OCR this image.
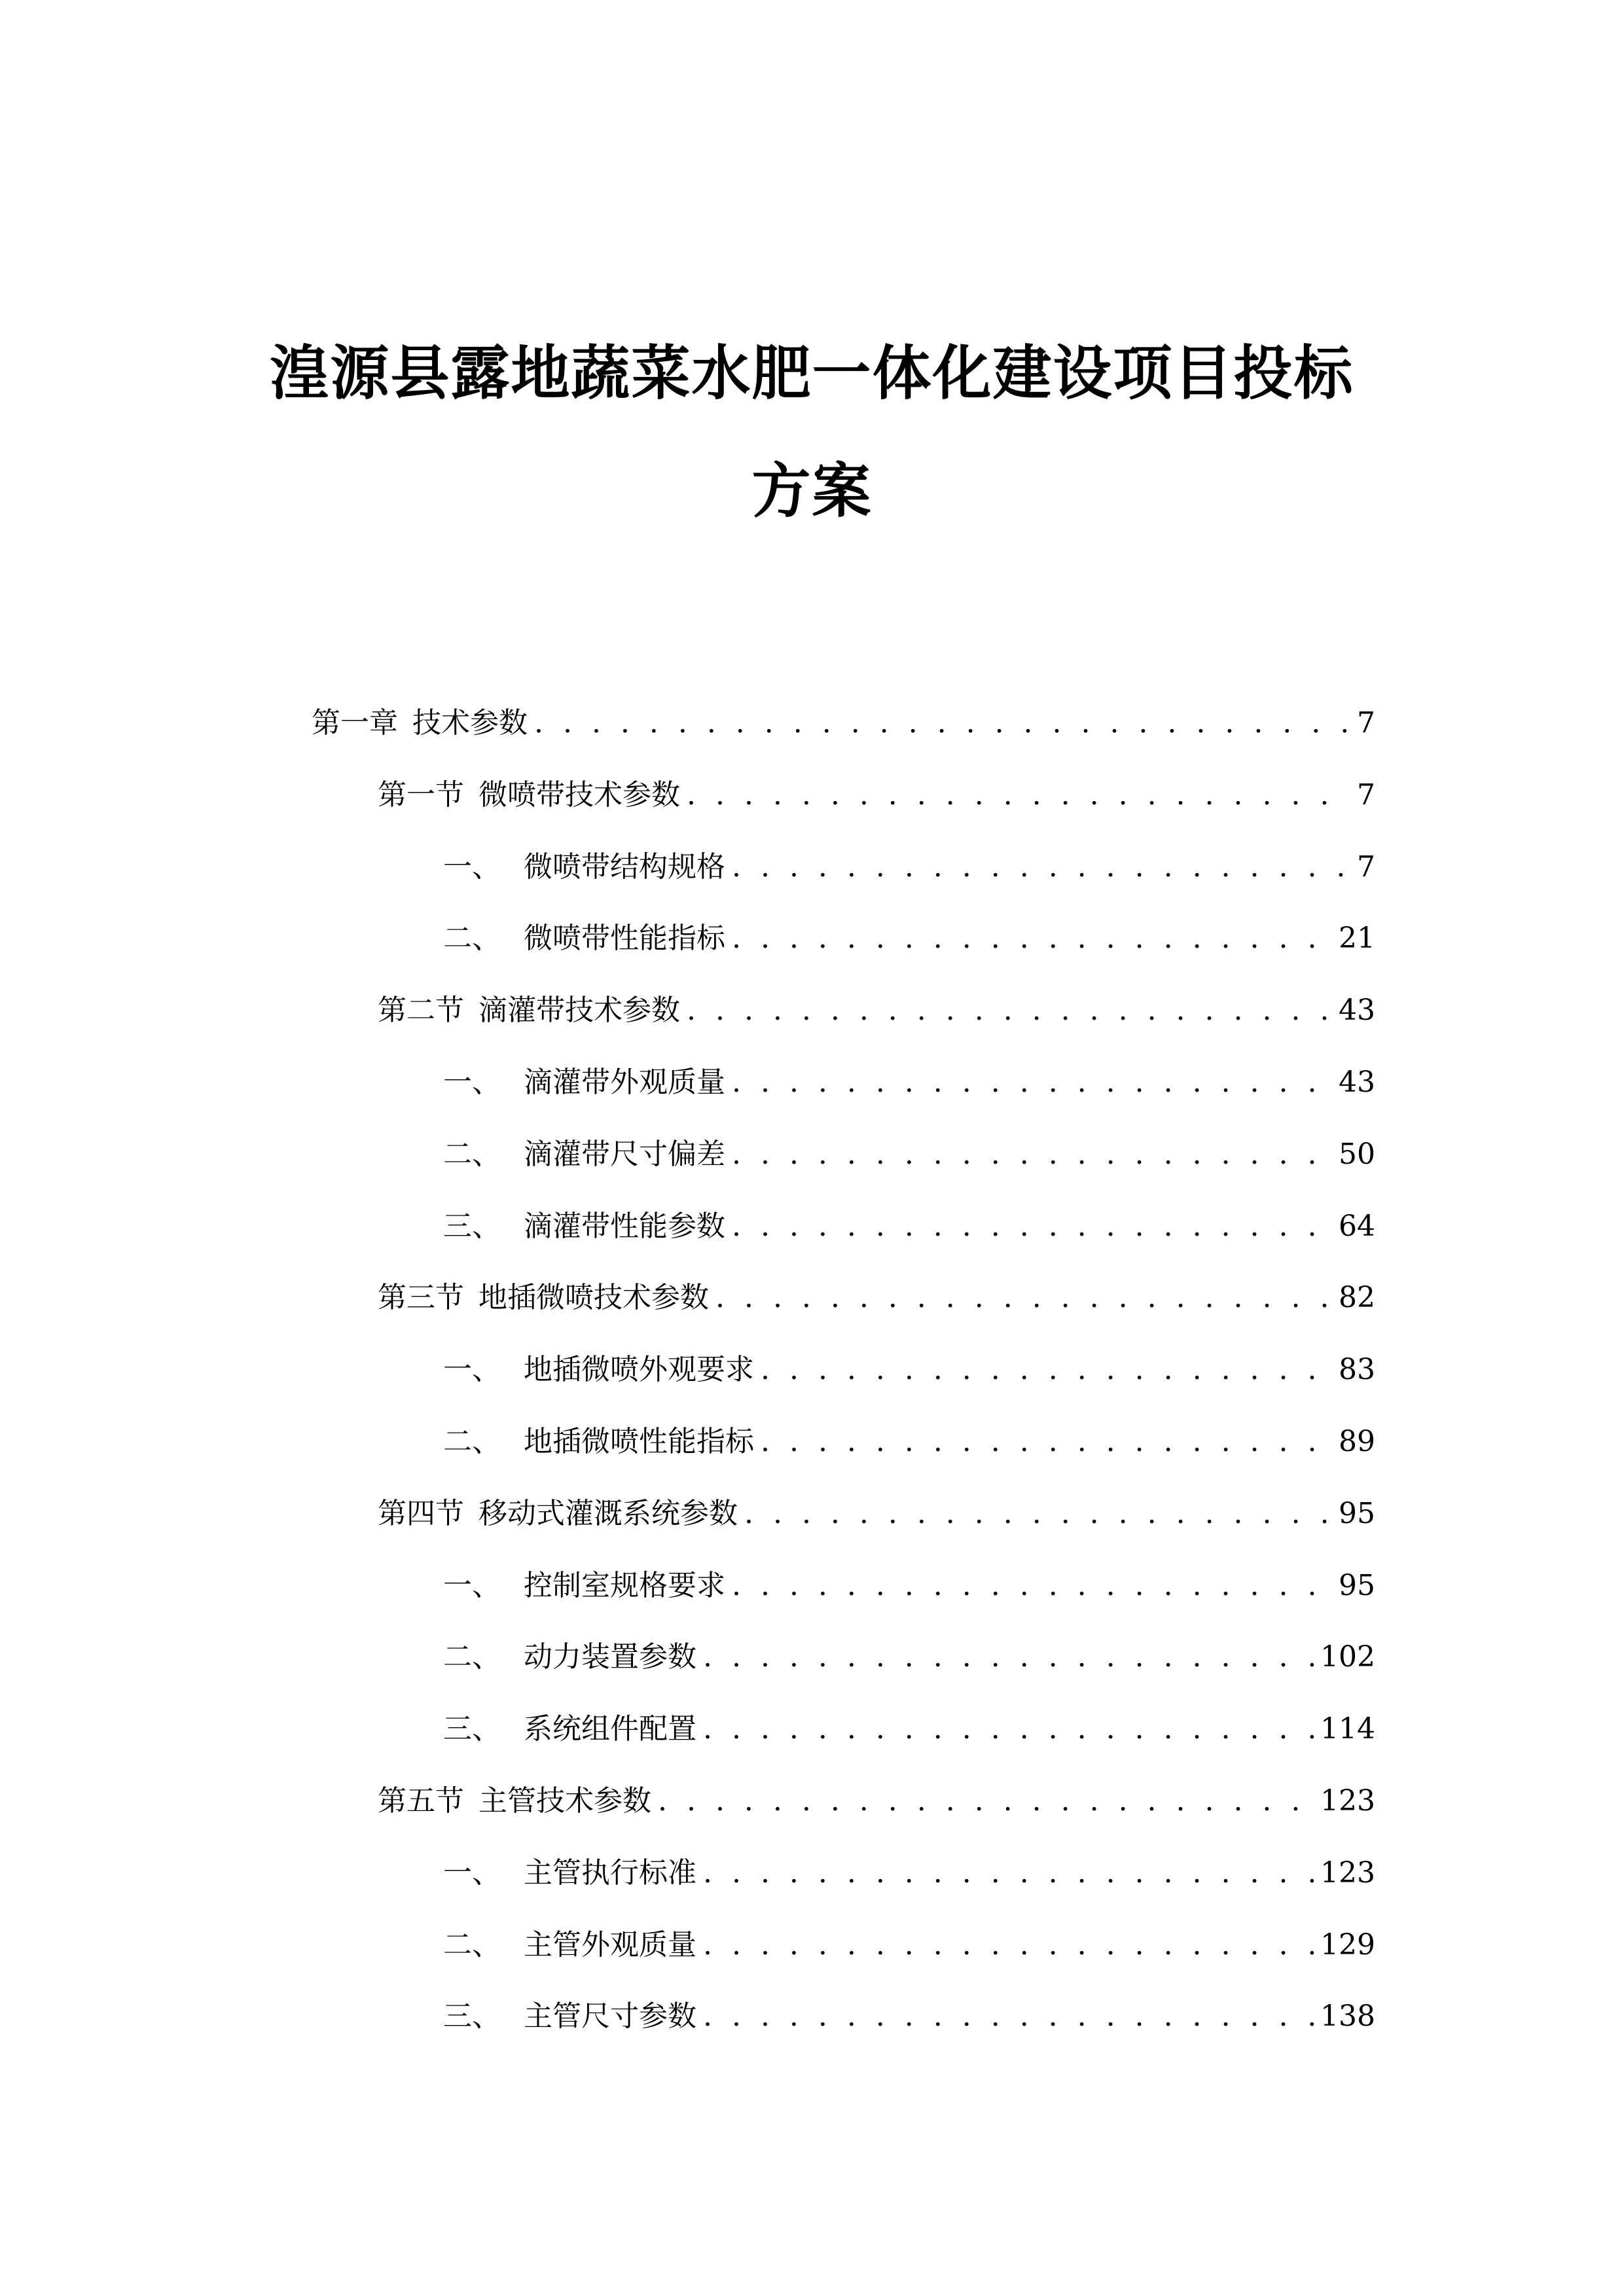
湟源县露地蔬菜水肥一体化建设项目投标
方案
第一章 技术参数 . . .	7
第一节 微喷带技术参数 . . .	7
一、 微喷带结构规格 . . .	7
二、 微喷带性能指标 . . .	21
第二节 滴灌带技术参数 . . .	43
一、 滴灌带外观质量 . . .	43
二、 滴灌带尺寸偏差 . . .	50
三、 滴灌带性能参数 . . .	64
第三节 地插微喷技术参数 . . .	82
一、 地插微喷外观要求 . . .	83
二、 地插微喷性能指标 . . .	89
第四节 移动式灌溉系统参数 . . .	95
一、 控制室规格要求 . . .	95
二、 动力装置参数 . . .	102
三、 系统组件配置 . . .	114
第五节 主管技术参数 . . .	123
一、 主管执行标准 . . .	123
二、 主管外观质量 . . .	129
三、 主管尺寸参数 . . .	138
